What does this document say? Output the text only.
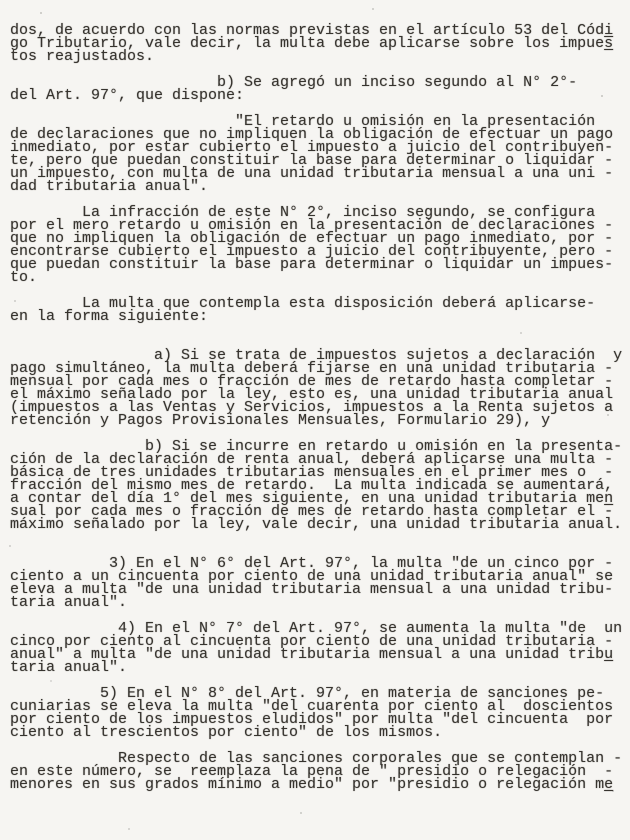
dos, de acuerdo con las normas previstas en el artículo 53 del Códi
go Tributario, vale decir, la multa debe aplicarse sobre los impues
tos reajustados.
b) Se agregó un inciso segundo al N° 2°-
del Art. 97°, que dispone:
"El retardo u omisión en la presentación
de declaraciones que no impliquen la obligación de efectuar un pago
inmediato, por estar cubierto el impuesto a juicio del contribuyen-
te, pero que puedan constituir la base para determinar o liquidar -
un impuesto, con multa de una unidad tributaria mensual a una uni -
dad tributaria anual".
La infracción de este N° 2°, inciso segundo, se configura
por el mero retardo u omisión en la presentación de declaraciones -
que no impliquen la obligación de efectuar un pago inmediato, por -
encontrarse cubierto el impuesto a juicio del contribuyente, pero -
que puedan constituir la base para determinar o liquidar un impues-
to.
La multa que contempla esta disposición deberá aplicarse-
en la forma siguiente:
a) Si se trata de impuestos sujetos a declaración  y
pago simultáneo, la multa deberá fijarse en una unidad tributaria -
mensual por cada mes o fracción de mes de retardo hasta completar -
el máximo señalado por la ley, esto es, una unidad tributaria anual
(impuestos a las Ventas y Servicios, impuestos a la Renta sujetos a
retención y Pagos Provisionales Mensuales, Formulario 29), y
b) Si se incurre en retardo u omisión en la presenta-
ción de la declaración de renta anual, deberá aplicarse una multa -
básica de tres unidades tributarias mensuales en el primer mes o  -
fracción del mismo mes de retardo.  La multa indicada se aumentará,
a contar del día 1° del mes siguiente, en una unidad tributaria men
sual por cada mes o fracción de mes de retardo hasta completar el -
máximo señalado por la ley, vale decir, una unidad tributaria anual.
3) En el N° 6° del Art. 97°, la multa "de un cinco por -
ciento a un cincuenta por ciento de una unidad tributaria anual" se
eleva a multa "de una unidad tributaria mensual a una unidad tribu-
taria anual".
4) En el N° 7° del Art. 97°, se aumenta la multa "de  un
cinco por ciento al cincuenta por ciento de una unidad tributaria -
anual" a multa "de una unidad tributaria mensual a una unidad tribu
taria anual".
5) En el N° 8° del Art. 97°, en materia de sanciones pe-
cuniarias se eleva la multa "del cuarenta por ciento al  doscientos
por ciento de los impuestos eludidos" por multa "del cincuenta  por
ciento al trescientos por ciento" de los mismos.
Respecto de las sanciones corporales que se contemplan -
en este número, se  reemplaza la pena de " presidio o relegación  -
menores en sus grados mínimo a medio" por "presidio o relegación me
